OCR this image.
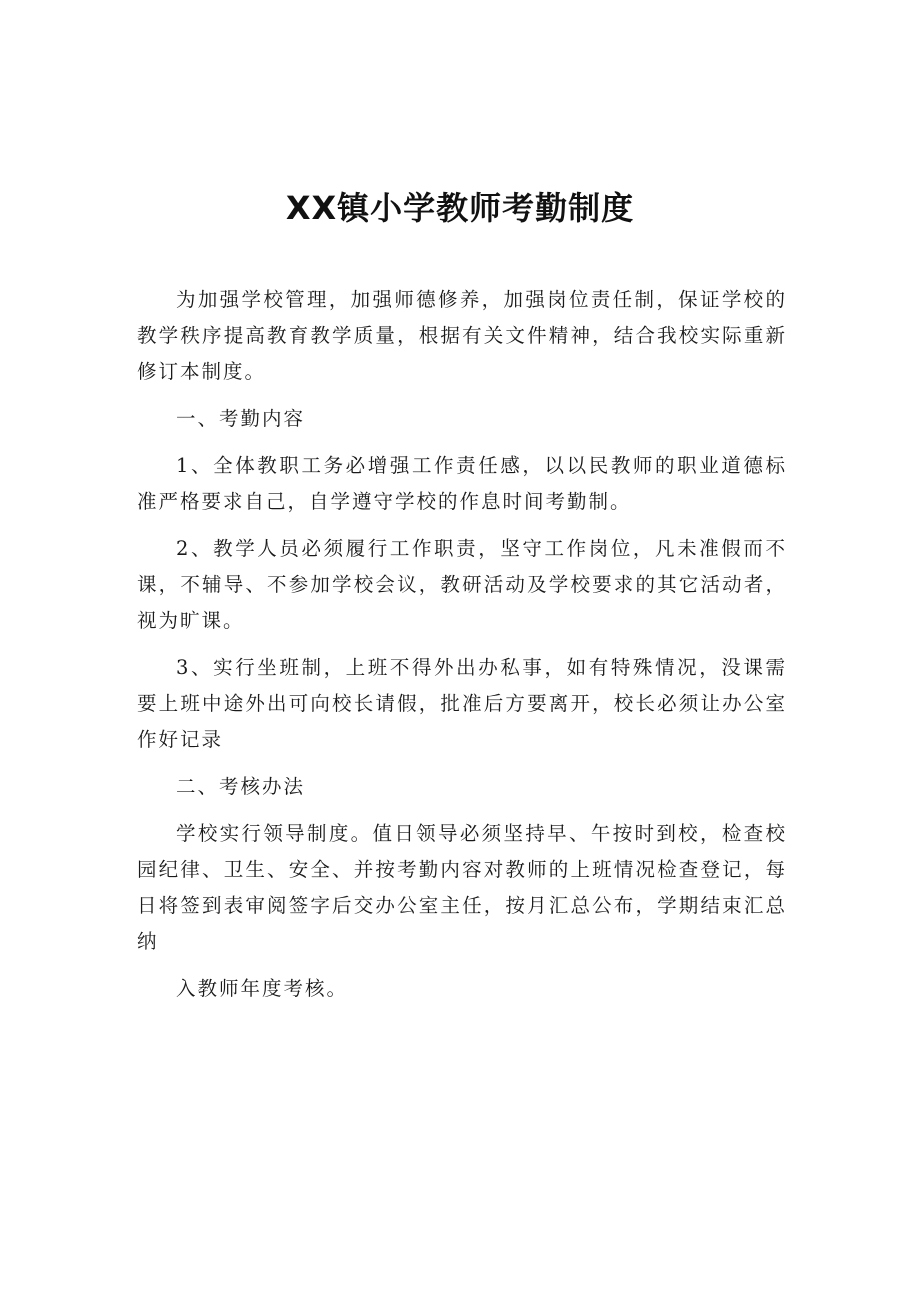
XX镇小学教师考勤制度

为加强学校管理，加强师德修养，加强岗位责任制，保证学校的教学秩序提高教育教学质量，根据有关文件精神，结合我校实际重新修订本制度。

一、考勤内容

1、全体教职工务必增强工作责任感，以以民教师的职业道德标准严格要求自己，自学遵守学校的作息时间考勤制。

2、教学人员必须履行工作职责，坚守工作岗位，凡未准假而不课，不辅导、不参加学校会议，教研活动及学校要求的其它活动者，视为旷课。

3、实行坐班制，上班不得外出办私事，如有特殊情况，没课需要上班中途外出可向校长请假，批准后方要离开，校长必须让办公室作好记录

二、考核办法

学校实行领导制度。值日领导必须坚持早、午按时到校，检查校园纪律、卫生、安全、并按考勤内容对教师的上班情况检查登记，每日将签到表审阅签字后交办公室主任，按月汇总公布，学期结束汇总纳

入教师年度考核。
